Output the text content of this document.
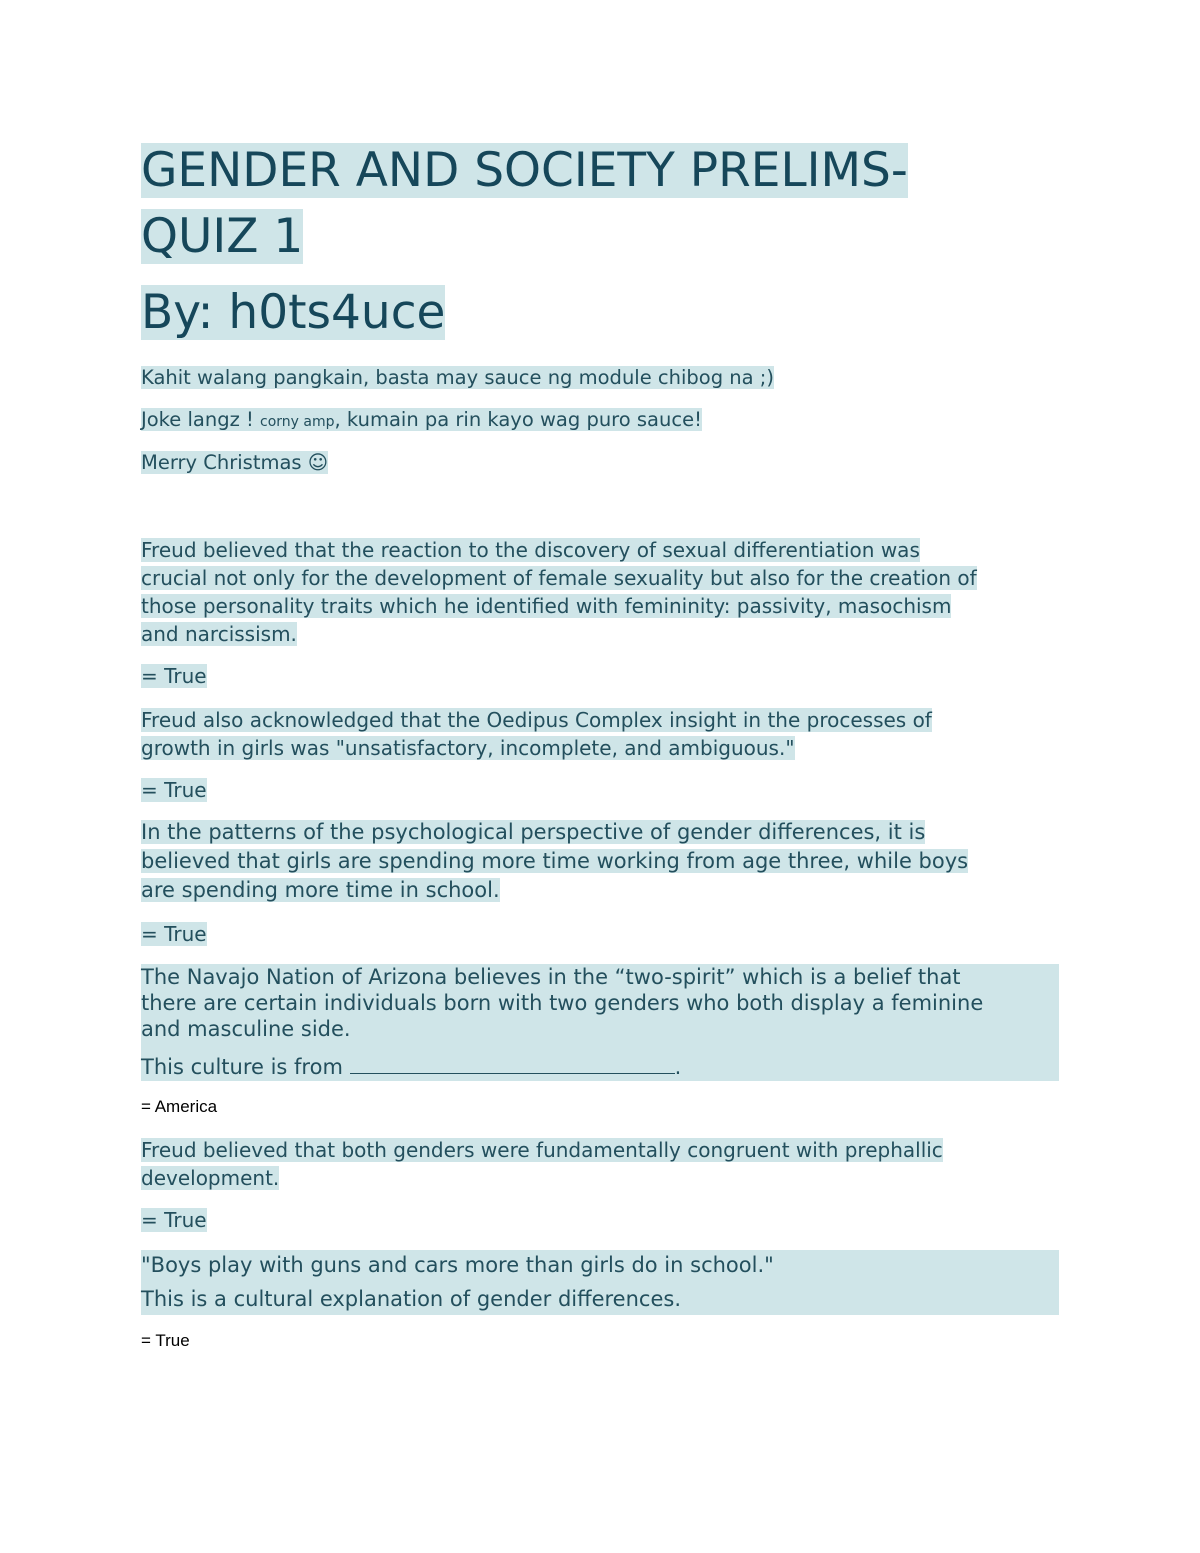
GENDER AND SOCIETY PRELIMS-
QUIZ 1
By: h0ts4uce

Kahit walang pangkain, basta may sauce ng module chibog na ;)

Joke langz ! corny amp, kumain pa rin kayo wag puro sauce!

Merry Christmas ☺

Freud believed that the reaction to the discovery of sexual differentiation was
crucial not only for the development of female sexuality but also for the creation of
those personality traits which he identified with femininity: passivity, masochism
and narcissism.

= True

Freud also acknowledged that the Oedipus Complex insight in the processes of
growth in girls was "unsatisfactory, incomplete, and ambiguous."

= True

In the patterns of the psychological perspective of gender differences, it is
believed that girls are spending more time working from age three, while boys
are spending more time in school.

= True

The Navajo Nation of Arizona believes in the “two-spirit” which is a belief that

there are certain individuals born with two genders who both display a feminine

and masculine side.

This culture is from	.

= America

Freud believed that both genders were fundamentally congruent with prephallic
development.

= True

"Boys play with guns and cars more than girls do in school."

This is a cultural explanation of gender differences.

= True
